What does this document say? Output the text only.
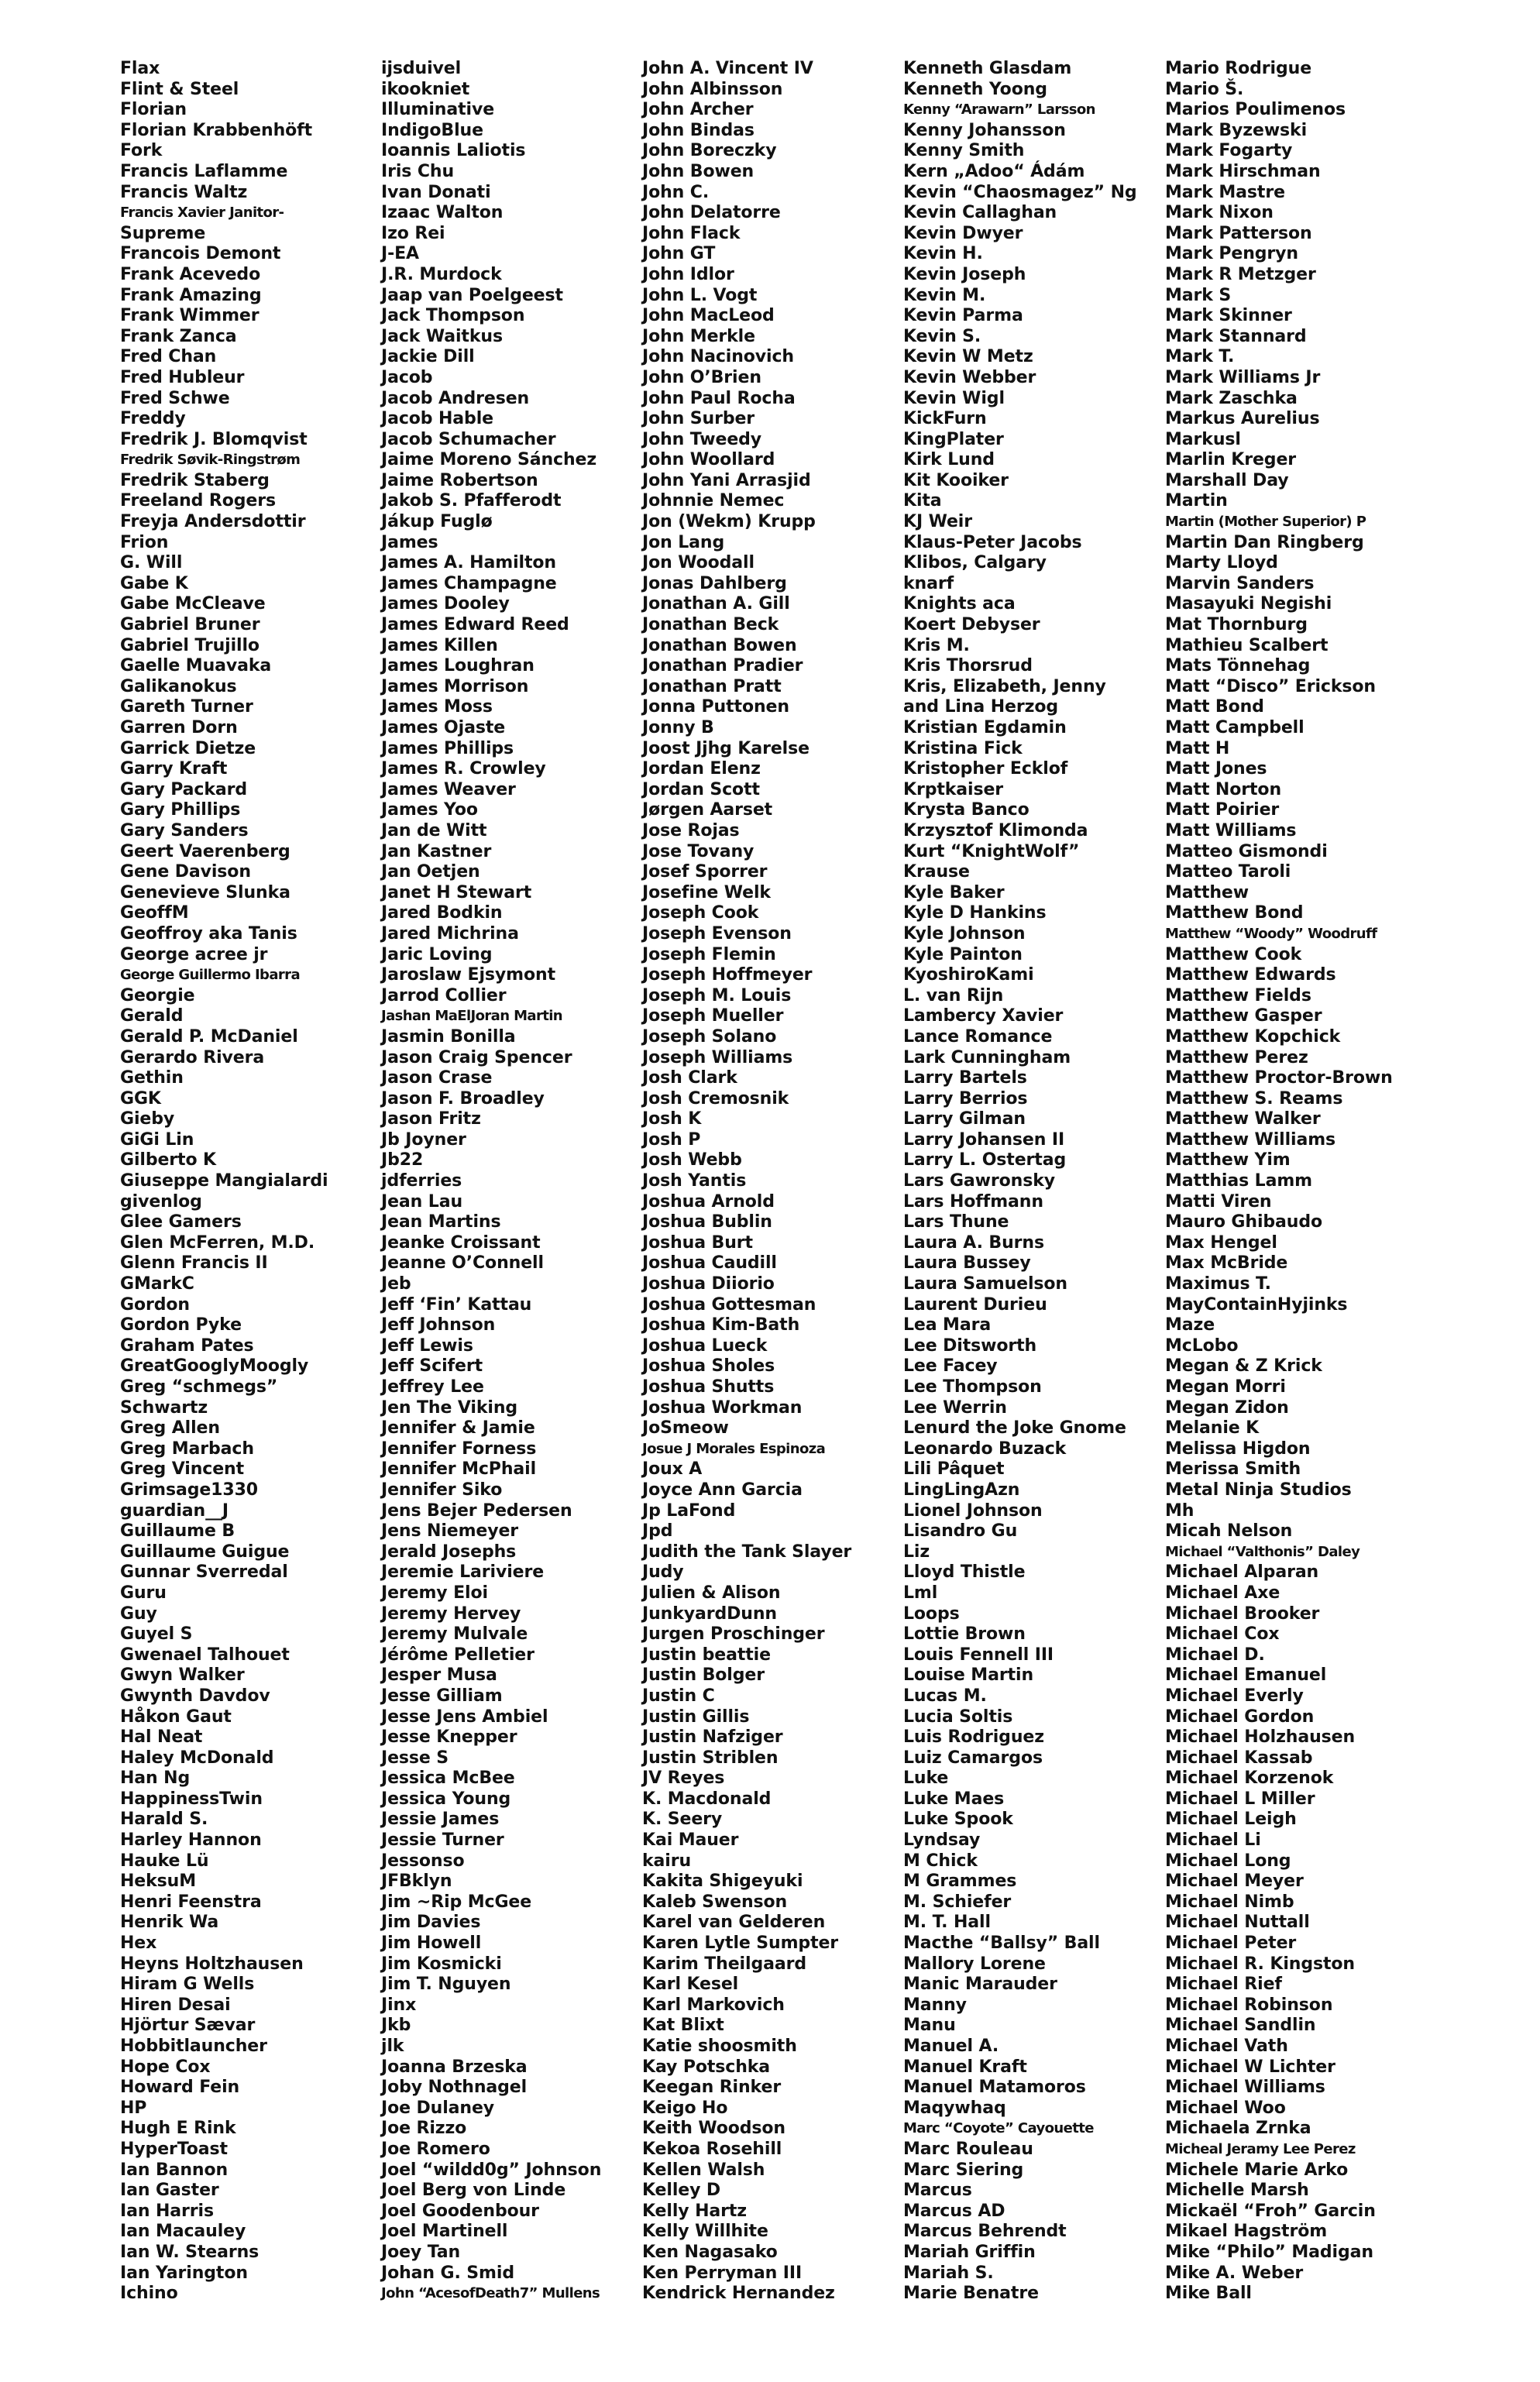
Flax
Flint & Steel
Florian
Florian Krabbenhöft
Fork
Francis Laflamme
Francis Waltz
Francis Xavier Janitor-
Supreme
Francois Demont
Frank Acevedo
Frank Amazing
Frank Wimmer
Frank Zanca
Fred Chan
Fred Hubleur
Fred Schwe
Freddy
Fredrik J. Blomqvist
Fredrik Søvik-Ringstrøm
Fredrik Staberg
Freeland Rogers
Freyja Andersdottir
Frion
G. Will
Gabe K
Gabe McCleave
Gabriel Bruner
Gabriel Trujillo
Gaelle Muavaka
Galikanokus
Gareth Turner
Garren Dorn
Garrick Dietze
Garry Kraft
Gary Packard
Gary Phillips
Gary Sanders
Geert Vaerenberg
Gene Davison
Genevieve Slunka
GeoffM
Geoffroy aka Tanis
George acree jr
George Guillermo Ibarra
Georgie
Gerald
Gerald P. McDaniel
Gerardo Rivera
Gethin
GGK
Gieby
GiGi Lin
Gilberto K
Giuseppe Mangialardi
givenlog
Glee Gamers
Glen McFerren, M.D.
Glenn Francis II
GMarkC
Gordon
Gordon Pyke
Graham Pates
GreatGooglyMoogly
Greg “schmegs”
Schwartz
Greg Allen
Greg Marbach
Greg Vincent
Grimsage1330
guardian__J
Guillaume B
Guillaume Guigue
Gunnar Sverredal
Guru
Guy
Guyel S
Gwenael Talhouet
Gwyn Walker
Gwynth Davdov
Håkon Gaut
Hal Neat
Haley McDonald
Han Ng
HappinessTwin
Harald S.
Harley Hannon
Hauke Lü
HeksuM
Henri Feenstra
Henrik Wa
Hex
Heyns Holtzhausen
Hiram G Wells
Hiren Desai
Hjörtur Sævar
Hobbitlauncher
Hope Cox
Howard Fein
HP
Hugh E Rink
HyperToast
Ian Bannon
Ian Gaster
Ian Harris
Ian Macauley
Ian W. Stearns
Ian Yarington
Ichino
ijsduivel
ikookniet
Illuminative
IndigoBlue
Ioannis Laliotis
Iris Chu
Ivan Donati
Izaac Walton
Izo Rei
J-EA
J.R. Murdock
Jaap van Poelgeest
Jack Thompson
Jack Waitkus
Jackie Dill
Jacob
Jacob Andresen
Jacob Hable
Jacob Schumacher
Jaime Moreno Sánchez
Jaime Robertson
Jakob S. Pfafferodt
Jákup Fuglø
James
James A. Hamilton
James Champagne
James Dooley
James Edward Reed
James Killen
James Loughran
James Morrison
James Moss
James Ojaste
James Phillips
James R. Crowley
James Weaver
James Yoo
Jan de Witt
Jan Kastner
Jan Oetjen
Janet H Stewart
Jared Bodkin
Jared Michrina
Jaric Loving
Jaroslaw Ejsymont
Jarrod Collier
Jashan MaElJoran Martin
Jasmin Bonilla
Jason Craig Spencer
Jason Crase
Jason F. Broadley
Jason Fritz
Jb Joyner
Jb22
jdferries
Jean Lau
Jean Martins
Jeanke Croissant
Jeanne O’Connell
Jeb
Jeff ‘Fin’ Kattau
Jeff Johnson
Jeff Lewis
Jeff Scifert
Jeffrey Lee
Jen The Viking
Jennifer & Jamie
Jennifer Forness
Jennifer McPhail
Jennifer Siko
Jens Bejer Pedersen
Jens Niemeyer
Jerald Josephs
Jeremie Lariviere
Jeremy Eloi
Jeremy Hervey
Jeremy Mulvale
Jérôme Pelletier
Jesper Musa
Jesse Gilliam
Jesse Jens Ambiel
Jesse Knepper
Jesse S
Jessica McBee
Jessica Young
Jessie James
Jessie Turner
Jessonso
JFBklyn
Jim ~Rip McGee
Jim Davies
Jim Howell
Jim Kosmicki
Jim T. Nguyen
Jinx
Jkb
jlk
Joanna Brzeska
Joby Nothnagel
Joe Dulaney
Joe Rizzo
Joe Romero
Joel “wildd0g” Johnson
Joel Berg von Linde
Joel Goodenbour
Joel Martinell
Joey Tan
Johan G. Smid
John “AcesofDeath7” Mullens
John A. Vincent IV
John Albinsson
John Archer
John Bindas
John Boreczky
John Bowen
John C.
John Delatorre
John Flack
John GT
John Idlor
John L. Vogt
John MacLeod
John Merkle
John Nacinovich
John O’Brien
John Paul Rocha
John Surber
John Tweedy
John Woollard
John Yani Arrasjid
Johnnie Nemec
Jon (Wekm) Krupp
Jon Lang
Jon Woodall
Jonas Dahlberg
Jonathan A. Gill
Jonathan Beck
Jonathan Bowen
Jonathan Pradier
Jonathan Pratt
Jonna Puttonen
Jonny B
Joost Jjhg Karelse
Jordan Elenz
Jordan Scott
Jørgen Aarset
Jose Rojas
Jose Tovany
Josef Sporrer
Josefine Welk
Joseph Cook
Joseph Evenson
Joseph Flemin
Joseph Hoffmeyer
Joseph M. Louis
Joseph Mueller
Joseph Solano
Joseph Williams
Josh Clark
Josh Cremosnik
Josh K
Josh P
Josh Webb
Josh Yantis
Joshua Arnold
Joshua Bublin
Joshua Burt
Joshua Caudill
Joshua Diiorio
Joshua Gottesman
Joshua Kim-Bath
Joshua Lueck
Joshua Sholes
Joshua Shutts
Joshua Workman
JoSmeow
Josue J Morales Espinoza
Joux A
Joyce Ann Garcia
Jp LaFond
Jpd
Judith the Tank Slayer
Judy
Julien & Alison
JunkyardDunn
Jurgen Proschinger
Justin beattie
Justin Bolger
Justin C
Justin Gillis
Justin Nafziger
Justin Striblen
JV Reyes
K. Macdonald
K. Seery
Kai Mauer
kairu
Kakita Shigeyuki
Kaleb Swenson
Karel van Gelderen
Karen Lytle Sumpter
Karim Theilgaard
Karl Kesel
Karl Markovich
Kat Blixt
Katie shoosmith
Kay Potschka
Keegan Rinker
Keigo Ho
Keith Woodson
Kekoa Rosehill
Kellen Walsh
Kelley D
Kelly Hartz
Kelly Willhite
Ken Nagasako
Ken Perryman III
Kendrick Hernandez
Kenneth Glasdam
Kenneth Yoong
Kenny “Arawarn” Larsson
Kenny Johansson
Kenny Smith
Kern „Adoo“ Ádám
Kevin “Chaosmagez” Ng
Kevin Callaghan
Kevin Dwyer
Kevin H.
Kevin Joseph
Kevin M.
Kevin Parma
Kevin S.
Kevin W Metz
Kevin Webber
Kevin Wigl
KickFurn
KingPlater
Kirk Lund
Kit Kooiker
Kita
KJ Weir
Klaus-Peter Jacobs
Klibos, Calgary
knarf
Knights aca
Koert Debyser
Kris M.
Kris Thorsrud
Kris, Elizabeth, Jenny
and Lina Herzog
Kristian Egdamin
Kristina Fick
Kristopher Ecklof
Krptkaiser
Krysta Banco
Krzysztof Klimonda
Kurt “KnightWolf”
Krause
Kyle Baker
Kyle D Hankins
Kyle Johnson
Kyle Painton
KyoshiroKami
L. van Rijn
Lambercy Xavier
Lance Romance
Lark Cunningham
Larry Bartels
Larry Berrios
Larry Gilman
Larry Johansen II
Larry L. Ostertag
Lars Gawronsky
Lars Hoffmann
Lars Thune
Laura A. Burns
Laura Bussey
Laura Samuelson
Laurent Durieu
Lea Mara
Lee Ditsworth
Lee Facey
Lee Thompson
Lee Werrin
Lenurd the Joke Gnome
Leonardo Buzack
Lili Pâquet
LingLingAzn
Lionel Johnson
Lisandro Gu
Liz
Lloyd Thistle
Lml
Loops
Lottie Brown
Louis Fennell III
Louise Martin
Lucas M.
Lucia Soltis
Luis Rodriguez
Luiz Camargos
Luke
Luke Maes
Luke Spook
Lyndsay
M Chick
M Grammes
M. Schiefer
M. T. Hall
Macthe “Ballsy” Ball
Mallory Lorene
Manic Marauder
Manny
Manu
Manuel A.
Manuel Kraft
Manuel Matamoros
Maqywhaq
Marc “Coyote” Cayouette
Marc Rouleau
Marc Siering
Marcus
Marcus AD
Marcus Behrendt
Mariah Griffin
Mariah S.
Marie Benatre
Mario Rodrigue
Mario Š.
Marios Poulimenos
Mark Byzewski
Mark Fogarty
Mark Hirschman
Mark Mastre
Mark Nixon
Mark Patterson
Mark Pengryn
Mark R Metzger
Mark S
Mark Skinner
Mark Stannard
Mark T.
Mark Williams Jr
Mark Zaschka
Markus Aurelius
Markusl
Marlin Kreger
Marshall Day
Martin
Martin (Mother Superior) P
Martin Dan Ringberg
Marty Lloyd
Marvin Sanders
Masayuki Negishi
Mat Thornburg
Mathieu Scalbert
Mats Tönnehag
Matt “Disco” Erickson
Matt Bond
Matt Campbell
Matt H
Matt Jones
Matt Norton
Matt Poirier
Matt Williams
Matteo Gismondi
Matteo Taroli
Matthew
Matthew Bond
Matthew “Woody” Woodruff
Matthew Cook
Matthew Edwards
Matthew Fields
Matthew Gasper
Matthew Kopchick
Matthew Perez
Matthew Proctor-Brown
Matthew S. Reams
Matthew Walker
Matthew Williams
Matthew Yim
Matthias Lamm
Matti Viren
Mauro Ghibaudo
Max Hengel
Max McBride
Maximus T.
MayContainHyjinks
Maze
McLobo
Megan & Z Krick
Megan Morri
Megan Zidon
Melanie K
Melissa Higdon
Merissa Smith
Metal Ninja Studios
Mh
Micah Nelson
Michael “Valthonis” Daley
Michael Alparan
Michael Axe
Michael Brooker
Michael Cox
Michael D.
Michael Emanuel
Michael Everly
Michael Gordon
Michael Holzhausen
Michael Kassab
Michael Korzenok
Michael L Miller
Michael Leigh
Michael Li
Michael Long
Michael Meyer
Michael Nimb
Michael Nuttall
Michael Peter
Michael R. Kingston
Michael Rief
Michael Robinson
Michael Sandlin
Michael Vath
Michael W Lichter
Michael Williams
Michael Woo
Michaela Zrnka
Micheal Jeramy Lee Perez
Michele Marie Arko
Michelle Marsh
Mickaël “Froh” Garcin
Mikael Hagström
Mike “Philo” Madigan
Mike A. Weber
Mike Ball
